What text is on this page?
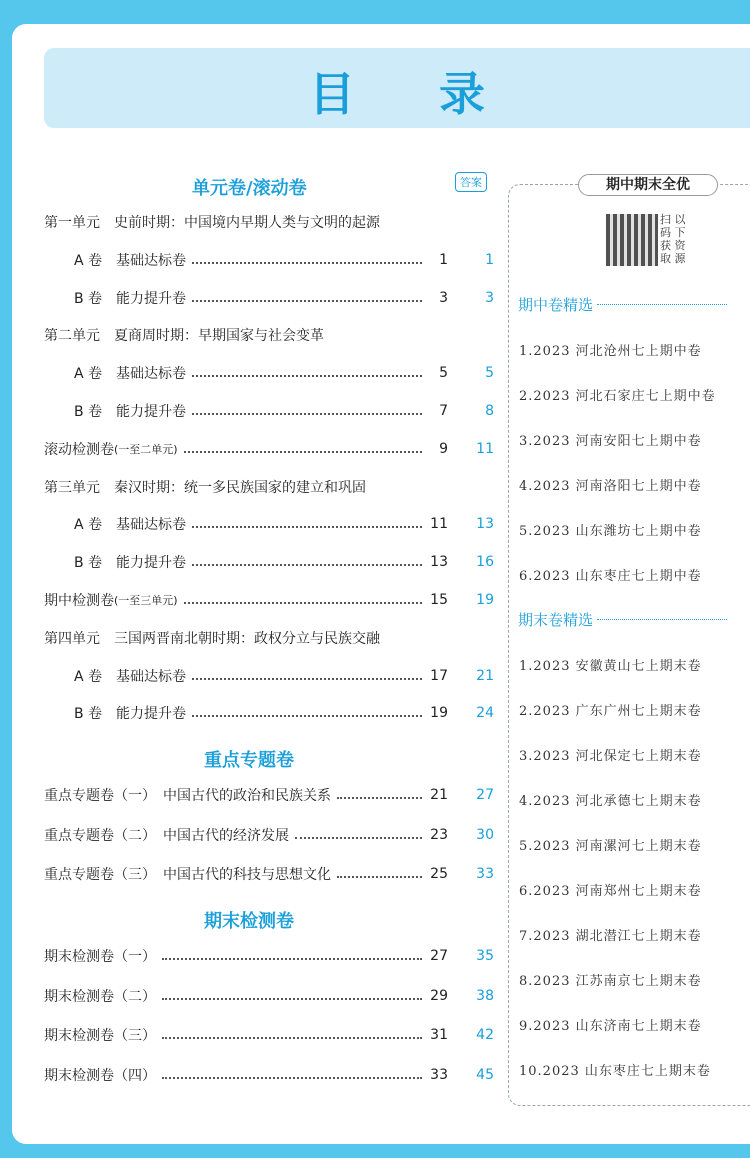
目 录
单元卷/滚动卷	答案
第一单元　史前时期：中国境内早期人类与文明的起源
A 卷　基础达标卷	1	1
B 卷　能力提升卷	3	3
第二单元　夏商周时期：早期国家与社会变革
A 卷　基础达标卷	5	5
B 卷　能力提升卷	7	8
滚动检测卷 (一至二单元)	9	11
第三单元　秦汉时期：统一多民族国家的建立和巩固
A 卷　基础达标卷	11	13
B 卷　能力提升卷	13	16
期中检测卷 (一至三单元)	15	19
第四单元　三国两晋南北朝时期：政权分立与民族交融
A 卷　基础达标卷	17	21
B 卷　能力提升卷	19	24
重点专题卷
重点专题卷（一）　中国古代的政治和民族关系	21	27
重点专题卷（二）　中国古代的经济发展	23	30
重点专题卷（三）　中国古代的科技与思想文化	25	33
期末检测卷
期末检测卷（一）	27	35
期末检测卷（二）	29	38
期末检测卷（三）	31	42
期末检测卷（四）	33	45
期中期末全优
扫 以
码 下
获 资
取 源
期中卷精选
1.2023 河北沧州七上期中卷
2.2023 河北石家庄七上期中卷
3.2023 河南安阳七上期中卷
4.2023 河南洛阳七上期中卷
5.2023 山东潍坊七上期中卷
6.2023 山东枣庄七上期中卷
期末卷精选
1.2023 安徽黄山七上期末卷
2.2023 广东广州七上期末卷
3.2023 河北保定七上期末卷
4.2023 河北承德七上期末卷
5.2023 河南漯河七上期末卷
6.2023 河南郑州七上期末卷
7.2023 湖北潜江七上期末卷
8.2023 江苏南京七上期末卷
9.2023 山东济南七上期末卷
10.2023 山东枣庄七上期末卷
